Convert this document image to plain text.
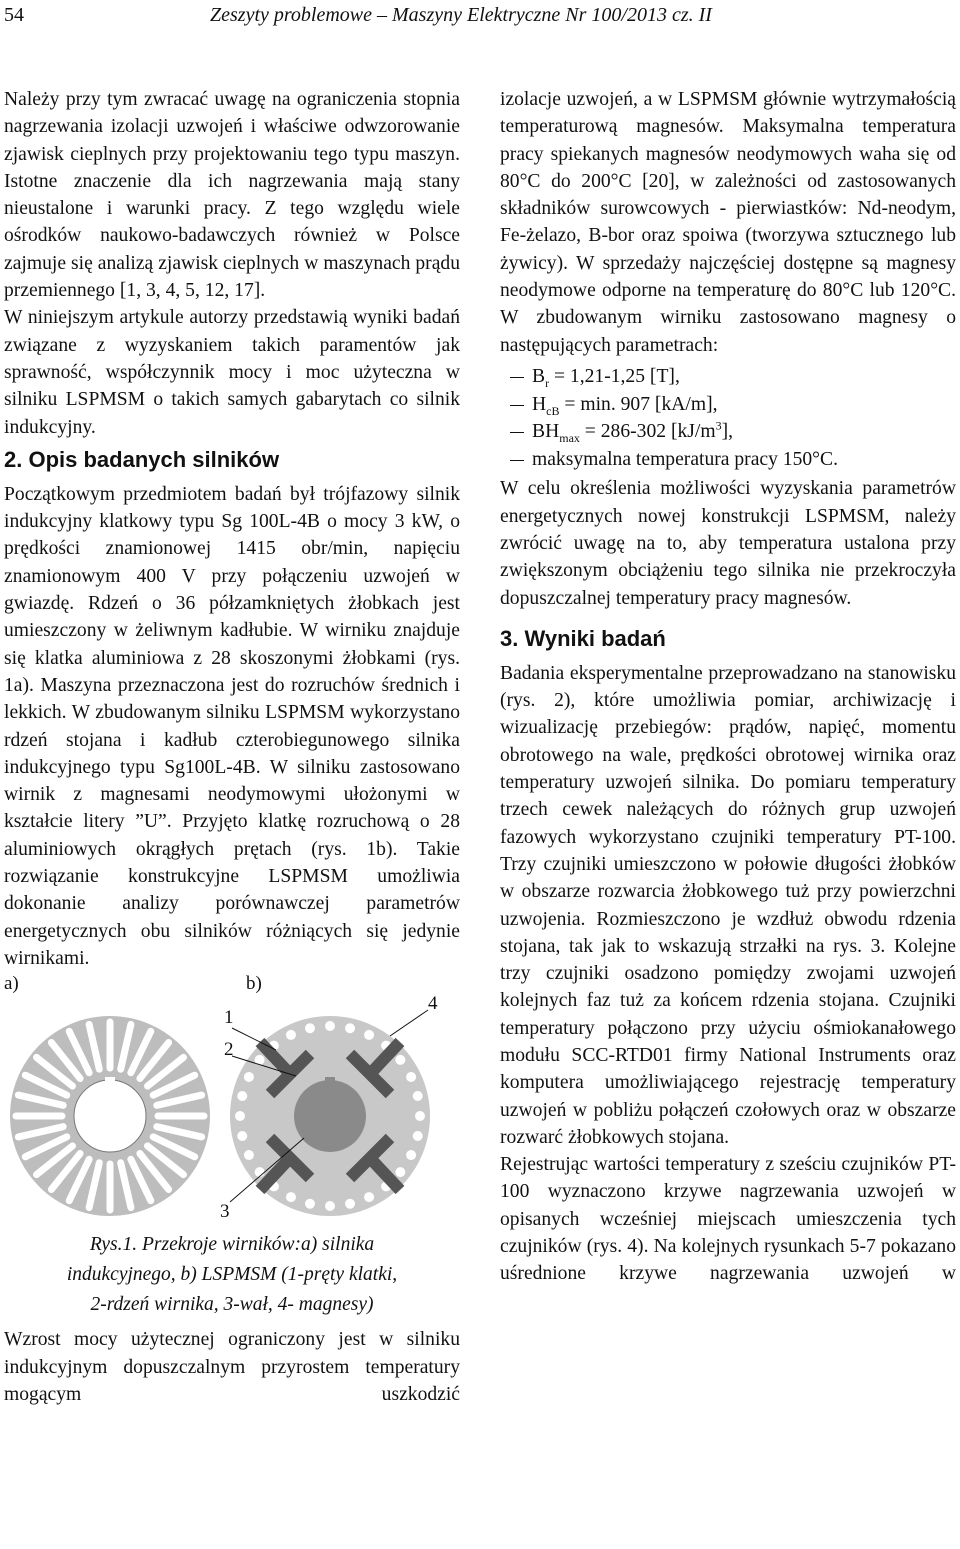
54	Zeszyty problemowe – Maszyny Elektryczne Nr 100/2013 cz. II

Należy przy tym zwracać uwagę na ograniczenia stopnia nagrzewania izolacji uzwojeń i właściwe odwzorowanie zjawisk cieplnych przy projektowaniu tego typu maszyn. Istotne znaczenie dla ich nagrzewania mają stany nieustalone i warunki pracy. Z tego względu wiele ośrodków naukowo-badawczych również w Polsce zajmuje się analizą zjawisk cieplnych w maszynach prądu przemiennego [1, 3, 4, 5, 12, 17].

W niniejszym artykule autorzy przedstawią wyniki badań związane z wyzyskaniem takich paramentów jak sprawność, współczynnik mocy i moc użyteczna w silniku LSPMSM o takich samych gabarytach co silnik indukcyjny.

2. Opis badanych silników

Początkowym przedmiotem badań był trójfazowy silnik indukcyjny klatkowy typu Sg 100L-4B o mocy 3 kW, o prędkości znamionowej 1415 obr/min, napięciu znamionowym 400 V przy połączeniu uzwojeń w gwiazdę. Rdzeń o 36 półzamkniętych żłobkach jest umieszczony w żeliwnym kadłubie. W wirniku znajduje się klatka aluminiowa z 28 skoszonymi żłobkami (rys. 1a). Maszyna przeznaczona jest do rozruchów średnich i lekkich. W zbudowanym silniku LSPMSM wykorzystano rdzeń stojana i kadłub czterobiegunowego silnika indukcyjnego typu Sg100L-4B. W silniku zastosowano wirnik z magnesami neodymowymi ułożonymi w kształcie litery ”U”. Przyjęto klatkę rozruchową o 28 aluminiowych okrągłych prętach (rys. 1b). Takie rozwiązanie konstrukcyjne LSPMSM umożliwia dokonanie analizy porównawczej parametrów energetycznych obu silników różniących się jedynie wirnikami.

a)	b)
1
2
3
4
Rys.1. Przekroje wirników:a) silnika
indukcyjnego, b) LSPMSM (1-pręty klatki,
2-rdzeń wirnika, 3-wał, 4- magnesy)

Wzrost mocy użytecznej ograniczony jest w silniku indukcyjnym dopuszczalnym przyrostem temperatury mogącym uszkodzić

izolacje uzwojeń, a w LSPMSM głównie wytrzymałością temperaturową magnesów. Maksymalna temperatura pracy spiekanych magnesów neodymowych waha się od 80°C do 200°C [20], w zależności od zastosowanych składników surowcowych - pierwiastków: Nd-neodym, Fe-żelazo, B-bor oraz spoiwa (tworzywa sztucznego lub żywicy). W sprzedaży najczęściej dostępne są magnesy neodymowe odporne na temperaturę do 80°C lub 120°C. W zbudowanym wirniku zastosowano magnesy o następujących parametrach:

$B_r = 1,21-1,25$ [T],
$H_{cB} = \min$. 907 [kA/m],
$BH_{max} = 286-302$ $[kJ/m^3]$,
maksymalna temperatura pracy 150°C.

W celu określenia możliwości wyzyskania parametrów energetycznych nowej konstrukcji LSPMSM, należy zwrócić uwagę na to, aby temperatura ustalona przy zwiększonym obciążeniu tego silnika nie przekroczyła dopuszczalnej temperatury pracy magnesów.

3. Wyniki badań

Badania eksperymentalne przeprowadzano na stanowisku (rys. 2), które umożliwia pomiar, archiwizację i wizualizację przebiegów: prądów, napięć, momentu obrotowego na wale, prędkości obrotowej wirnika oraz temperatury uzwojeń silnika. Do pomiaru temperatury trzech cewek należących do różnych grup uzwojeń fazowych wykorzystano czujniki temperatury PT-100. Trzy czujniki umieszczono w połowie długości żłobków w obszarze rozwarcia żłobkowego tuż przy powierzchni uzwojenia. Rozmieszczono je wzdłuż obwodu rdzenia stojana, tak jak to wskazują strzałki na rys. 3. Kolejne trzy czujniki osadzono pomiędzy zwojami uzwojeń kolejnych faz tuż za końcem rdzenia stojana. Czujniki temperatury połączono przy użyciu ośmiokanałowego modułu SCC-RTD01 firmy National Instruments oraz komputera umożliwiającego rejestrację temperatury uzwojeń w pobliżu połączeń czołowych oraz w obszarze rozwarć żłobkowych stojana.

Rejestrując wartości temperatury z sześciu czujników PT-100 wyznaczono krzywe nagrzewania uzwojeń w opisanych wcześniej miejscach umieszczenia tych czujników (rys. 4). Na kolejnych rysunkach 5-7 pokazano uśrednione krzywe nagrzewania uzwojeń w
